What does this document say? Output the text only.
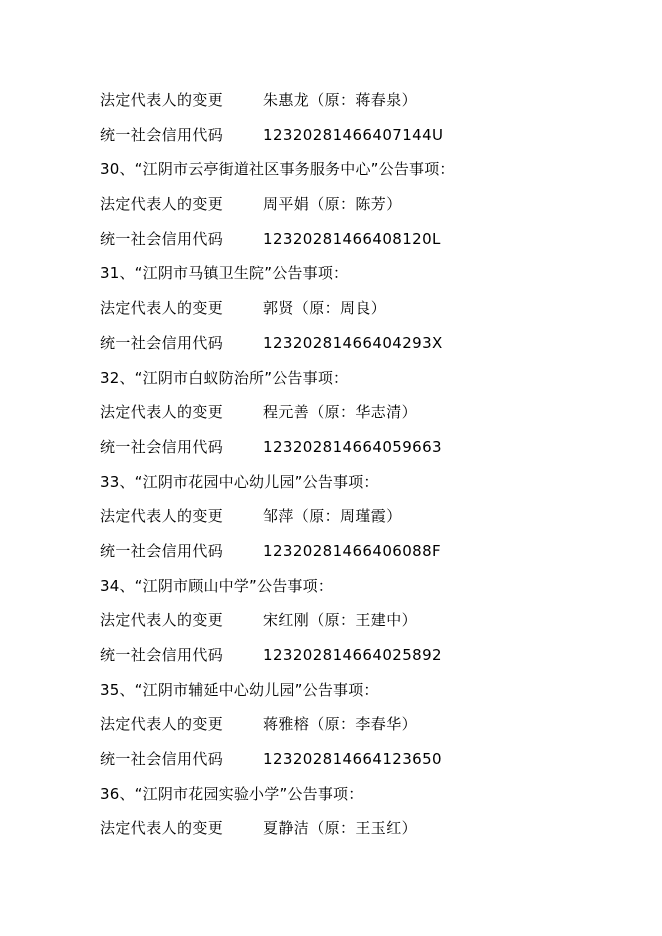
法定代表人的变更	朱惠龙（原：蒋春泉）
统一社会信用代码	12320281466407144U
30、“江阴市云亭街道社区事务服务中心”公告事项：
法定代表人的变更	周平娟（原：陈芳）
统一社会信用代码	12320281466408120L
31、“江阴市马镇卫生院”公告事项：
法定代表人的变更	郭贤（原：周良）
统一社会信用代码	12320281466404293X
32、“江阴市白蚁防治所”公告事项：
法定代表人的变更	程元善（原：华志清）
统一社会信用代码	123202814664059663
33、“江阴市花园中心幼儿园”公告事项：
法定代表人的变更	邹萍（原：周瑾霞）
统一社会信用代码	12320281466406088F
34、“江阴市顾山中学”公告事项：
法定代表人的变更	宋红刚（原：王建中）
统一社会信用代码	123202814664025892
35、“江阴市辅延中心幼儿园”公告事项：
法定代表人的变更	蒋雅榕（原：李春华）
统一社会信用代码	123202814664123650
36、“江阴市花园实验小学”公告事项：
法定代表人的变更	夏静洁（原：王玉红）
